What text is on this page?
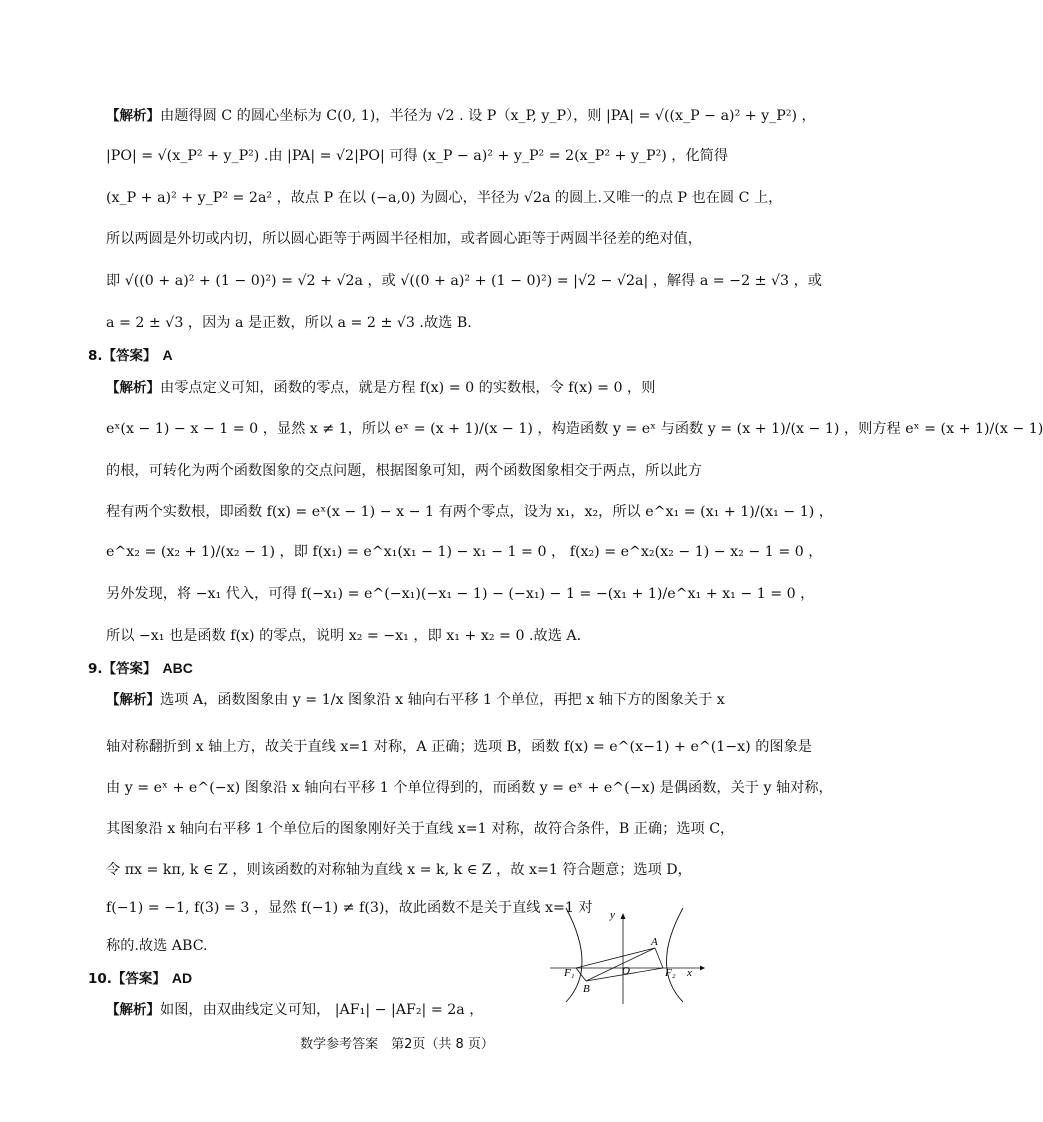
【解析】由题得圆 C 的圆心坐标为 C(0, 1)，半径为 √2 . 设 P（x_P, y_P），则 |PA| = √((x_P − a)² + y_P²) ，
|PO| = √(x_P² + y_P²) .由 |PA| = √2|PO| 可得 (x_P − a)² + y_P² = 2(x_P² + y_P²) ，化简得
(x_P + a)² + y_P² = 2a² ，故点 P 在以 (−a,0) 为圆心，半径为 √2a 的圆上.又唯一的点 P 也在圆 C 上，
所以两圆是外切或内切，所以圆心距等于两圆半径相加，或者圆心距等于两圆半径差的绝对值，
即 √((0 + a)² + (1 − 0)²) = √2 + √2a ，或 √((0 + a)² + (1 − 0)²) = |√2 − √2a| ，解得 a = −2 ± √3 ，或
a = 2 ± √3 ，因为 a 是正数，所以 a = 2 ± √3 .故选 B.
8.【答案】 A
【解析】由零点定义可知，函数的零点，就是方程 f(x) = 0 的实数根，令 f(x) = 0 ，则
eˣ(x − 1) − x − 1 = 0 ，显然 x ≠ 1，所以 eˣ = (x + 1)/(x − 1) ，构造函数 y = eˣ 与函数 y = (x + 1)/(x − 1) ，则方程 eˣ = (x + 1)/(x − 1)
的根，可转化为两个函数图象的交点问题，根据图象可知，两个函数图象相交于两点，所以此方
程有两个实数根，即函数 f(x) = eˣ(x − 1) − x − 1 有两个零点，设为 x₁，x₂，所以 e^x₁ = (x₁ + 1)/(x₁ − 1) ，
e^x₂ = (x₂ + 1)/(x₂ − 1) ，即 f(x₁) = e^x₁(x₁ − 1) − x₁ − 1 = 0 ， f(x₂) = e^x₂(x₂ − 1) − x₂ − 1 = 0 ，
另外发现，将 −x₁ 代入，可得 f(−x₁) = e^(−x₁)(−x₁ − 1) − (−x₁) − 1 = −(x₁ + 1)/e^x₁ + x₁ − 1 = 0 ，
所以 −x₁ 也是函数 f(x) 的零点，说明 x₂ = −x₁ ，即 x₁ + x₂ = 0 .故选 A.
9.【答案】 ABC
【解析】选项 A，函数图象由 y = 1/x 图象沿 x 轴向右平移 1 个单位，再把 x 轴下方的图象关于 x
轴对称翻折到 x 轴上方，故关于直线 x=1 对称，A 正确；选项 B，函数 f(x) = e^(x−1) + e^(1−x) 的图象是
由 y = eˣ + e^(−x) 图象沿 x 轴向右平移 1 个单位得到的，而函数 y = eˣ + e^(−x) 是偶函数，关于 y 轴对称，
其图象沿 x 轴向右平移 1 个单位后的图象刚好关于直线 x=1 对称，故符合条件，B 正确；选项 C，
令 πx = kπ, k ∈ Z ，则该函数的对称轴为直线 x = k, k ∈ Z ，故 x=1 符合题意；选项 D，
f(−1) = −1, f(3) = 3 ，显然 f(−1) ≠ f(3)，故此函数不是关于直线 x=1 对
称的.故选 ABC.
10.【答案】 AD
【解析】如图，由双曲线定义可知， |AF₁| − |AF₂| = 2a ，
y
x
A
B
O
F₁	F₂
数学参考答案　第2页（共 8 页）
